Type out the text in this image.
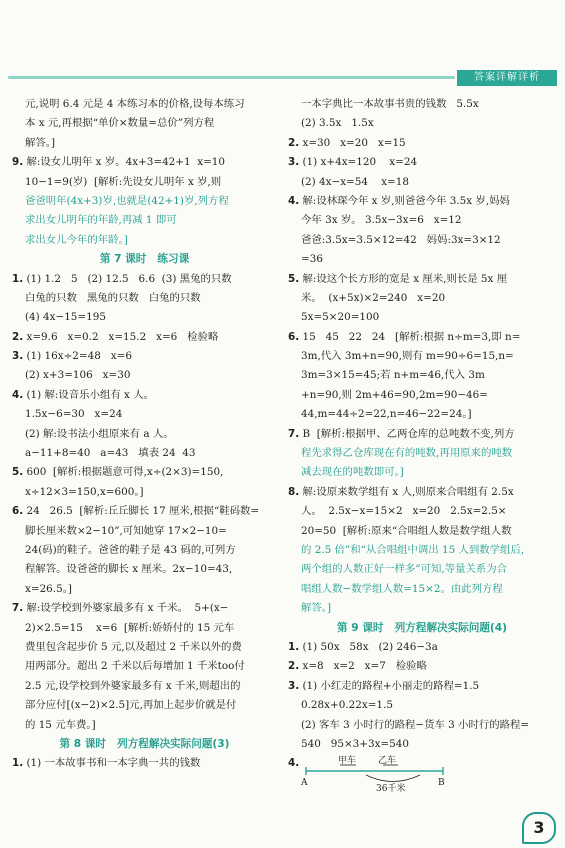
答案详解详析
元,说明 6.4 元是 4 本练习本的价格,设每本练习
本 x 元,再根据“单价×数量=总价”列方程
解答。]
9. 解:设女儿明年 x 岁。4x+3=42+1  x=10
10−1=9(岁)  [解析:先设女儿明年 x 岁,则
爸爸明年(4x+3)岁,也就是(42+1)岁,列方程
求出女儿明年的年龄,再减 1 即可
求出女儿今年的年龄。]
第 7 课时   练习课
1. (1) 1.2   5   (2) 12.5   6.6  (3) 黑兔的只数
白兔的只数   黑兔的只数   白兔的只数
(4) 4x−15=195
2. x=9.6   x=0.2   x=15.2   x=6   检验略
3. (1) 16x÷2=48   x=6
(2) x+3=106   x=30
4. (1) 解:设音乐小组有 x 人。
1.5x−6=30   x=24
(2) 解:设书法小组原来有 a 人。
a−11+8=40   a=43   填表 24  43
5. 600  [解析:根据题意可得,x÷(2×3)=150,
x÷12×3=150,x=600。]
6. 24   26.5  [解析:丘丘脚长 17 厘米,根据“鞋码数=
脚长厘米数×2−10”,可知她穿 17×2−10=
24(码)的鞋子。爸爸的鞋子是 43 码的,可列方
程解答。设爸爸的脚长 x 厘米。2x−10=43,
x=26.5。]
7. 解:设学校到外婆家最多有 x 千米。  5+(x−
2)×2.5=15    x=6  [解析:娇娇付的 15 元车
费里包含起步价 5 元,以及超过 2 千米以外的费
用两部分。超出 2 千米以后每增加 1 千米too付
2.5 元,设学校到外婆家最多有 x 千米,则超出的
部分应付[(x−2)×2.5]元,再加上起步价就是付
的 15 元车费。]
第 8 课时   列方程解决实际问题(3)
1. (1) 一本故事书和一本字典一共的钱数
一本字典比一本故事书贵的钱数   5.5x
(2) 3.5x   1.5x
2. x=30   x=20   x=15
3. (1) x+4x=120    x=24
(2) 4x−x=54    x=18
4. 解:设林琛今年 x 岁,则爸爸今年 3.5x 岁,妈妈
今年 3x 岁。 3.5x−3x=6   x=12
爸爸:3.5x=3.5×12=42   妈妈:3x=3×12
=36
5. 解:设这个长方形的宽是 x 厘米,则长是 5x 厘
米。  (x+5x)×2=240   x=20
5x=5×20=100
6. 15   45   22   24   [解析:根据 n÷m=3,即 n=
3m,代入 3m+n=90,则有 m=90÷6=15,n=
3m=3×15=45;若 n+m=46,代入 3m
+n=90,则 2m+46=90,2m=90−46=
44,m=44÷2=22,n=46−22=24。]
7. B  [解析:根据甲、乙两仓库的总吨数不变,列方
程先求得乙仓库现在有的吨数,再用原来的吨数
减去现在的吨数即可。]
8. 解:设原来数学组有 x 人,则原来合唱组有 2.5x
人。  2.5x−x=15×2   x=20   2.5x=2.5×
20=50  [解析:原来“合唱组人数是数学组人数
的 2.5 倍”和“从合唱组中调出 15 人到数学组后,
两个组的人数正好一样多”可知,等量关系为合
唱组人数−数学组人数=15×2。由此列方程
解答。]
第 9 课时   列方程解决实际问题(4)
1. (1) 50x   58x   (2) 246−3a
2. x=8   x=2   x=7   检验略
3. (1) 小红走的路程+小丽走的路程=1.5
0.28x+0.22x=1.5
(2) 客车 3 小时行的路程−货车 3 小时行的路程=
540   95×3+3x=540
4.
A	B
甲车 乙车
36千米
3
